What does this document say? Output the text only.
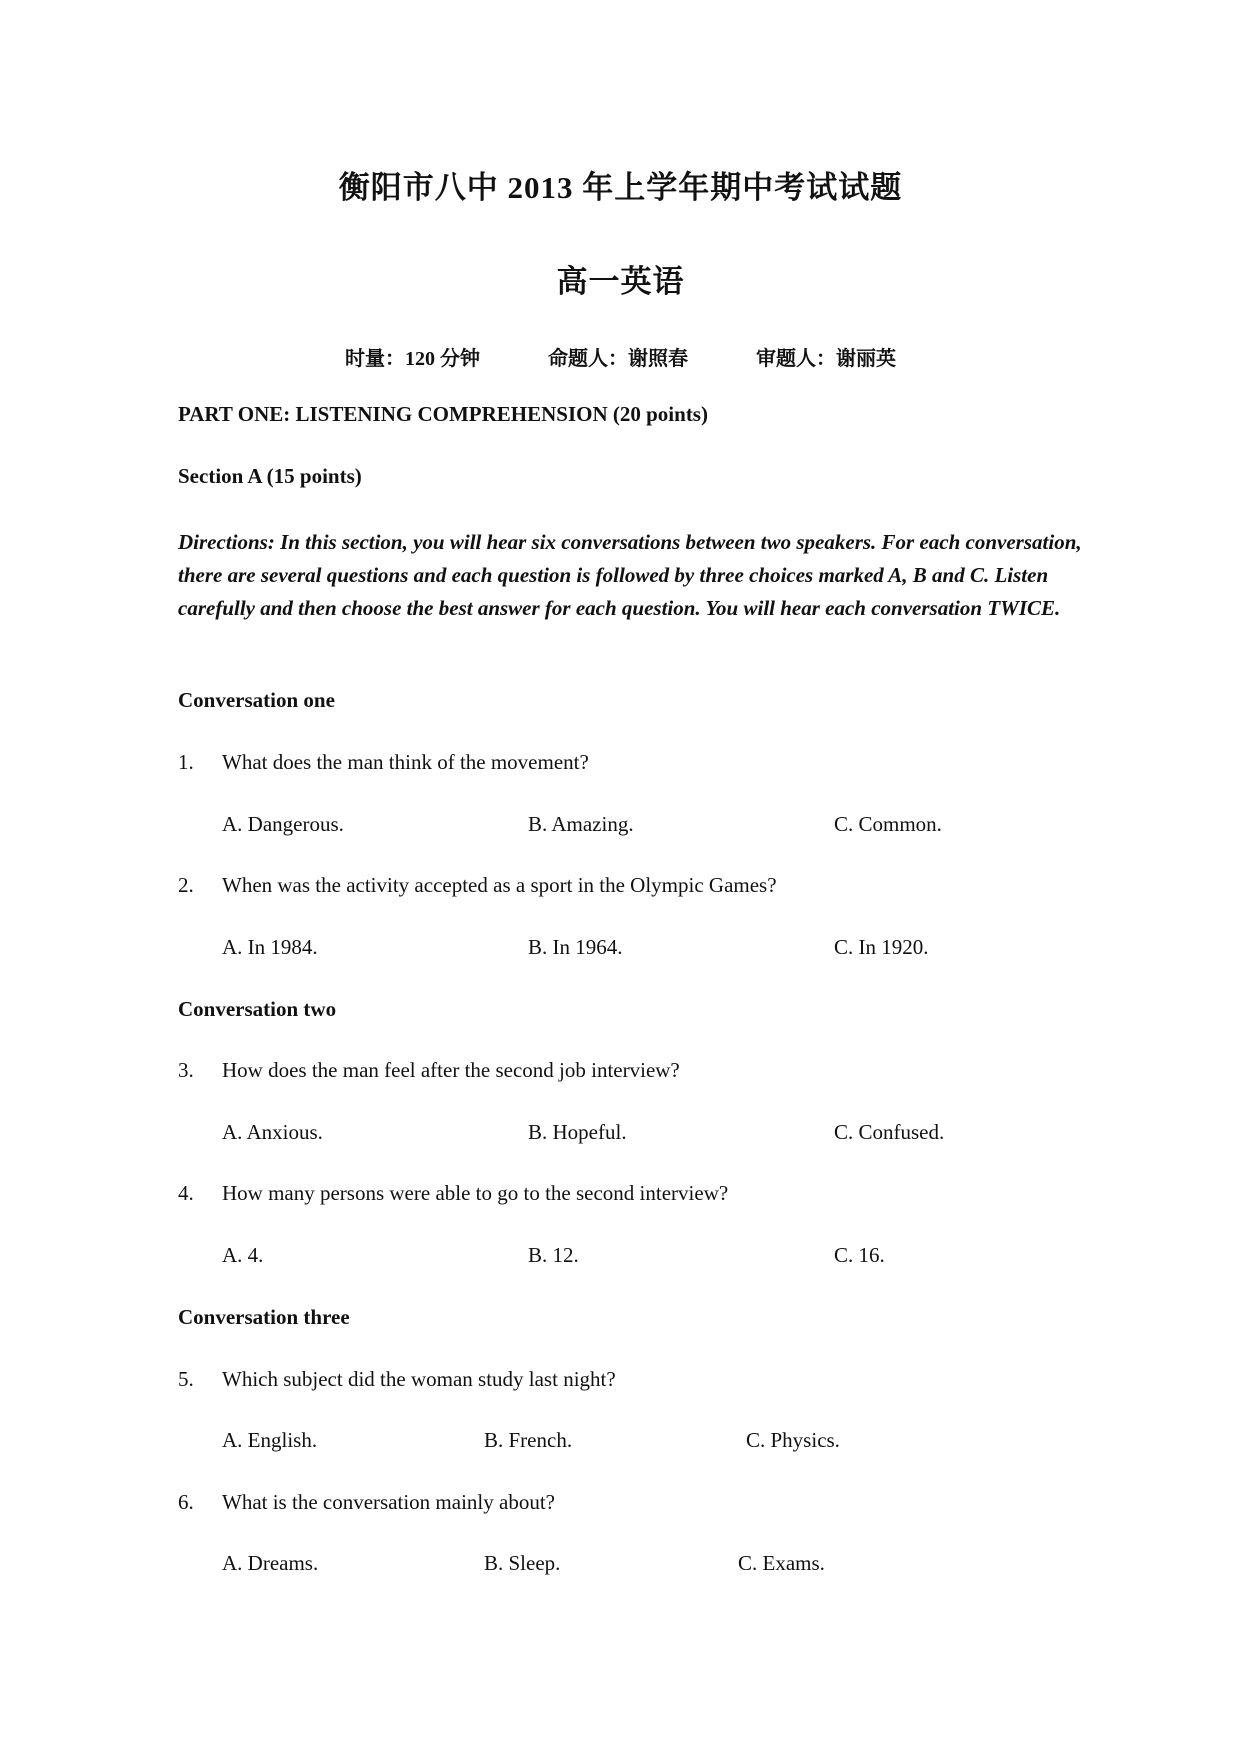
衡阳市八中 2013 年上学年期中考试试题
高一英语
时量：120 分钟	命题人：谢照春	审题人：谢丽英
PART ONE: LISTENING COMPREHENSION (20 points)
Section A (15 points)
Directions: In this section, you will hear six conversations between two speakers. For each conversation, there are several questions and each question is followed by three choices marked A, B and C. Listen carefully and then choose the best answer for each question. You will hear each conversation TWICE.
Conversation one
1. What does the man think of the movement?
A. Dangerous.	B. Amazing.	C. Common.
2. When was the activity accepted as a sport in the Olympic Games?
A. In 1984.	B. In 1964.	C. In 1920.
Conversation two
3. How does the man feel after the second job interview?
A. Anxious.	B. Hopeful.	C. Confused.
4. How many persons were able to go to the second interview?
A. 4.	B. 12.	C. 16.
Conversation three
5. Which subject did the woman study last night?
A. English.	B. French.	C. Physics.
6. What is the conversation mainly about?
A. Dreams.	B. Sleep.	C. Exams.
